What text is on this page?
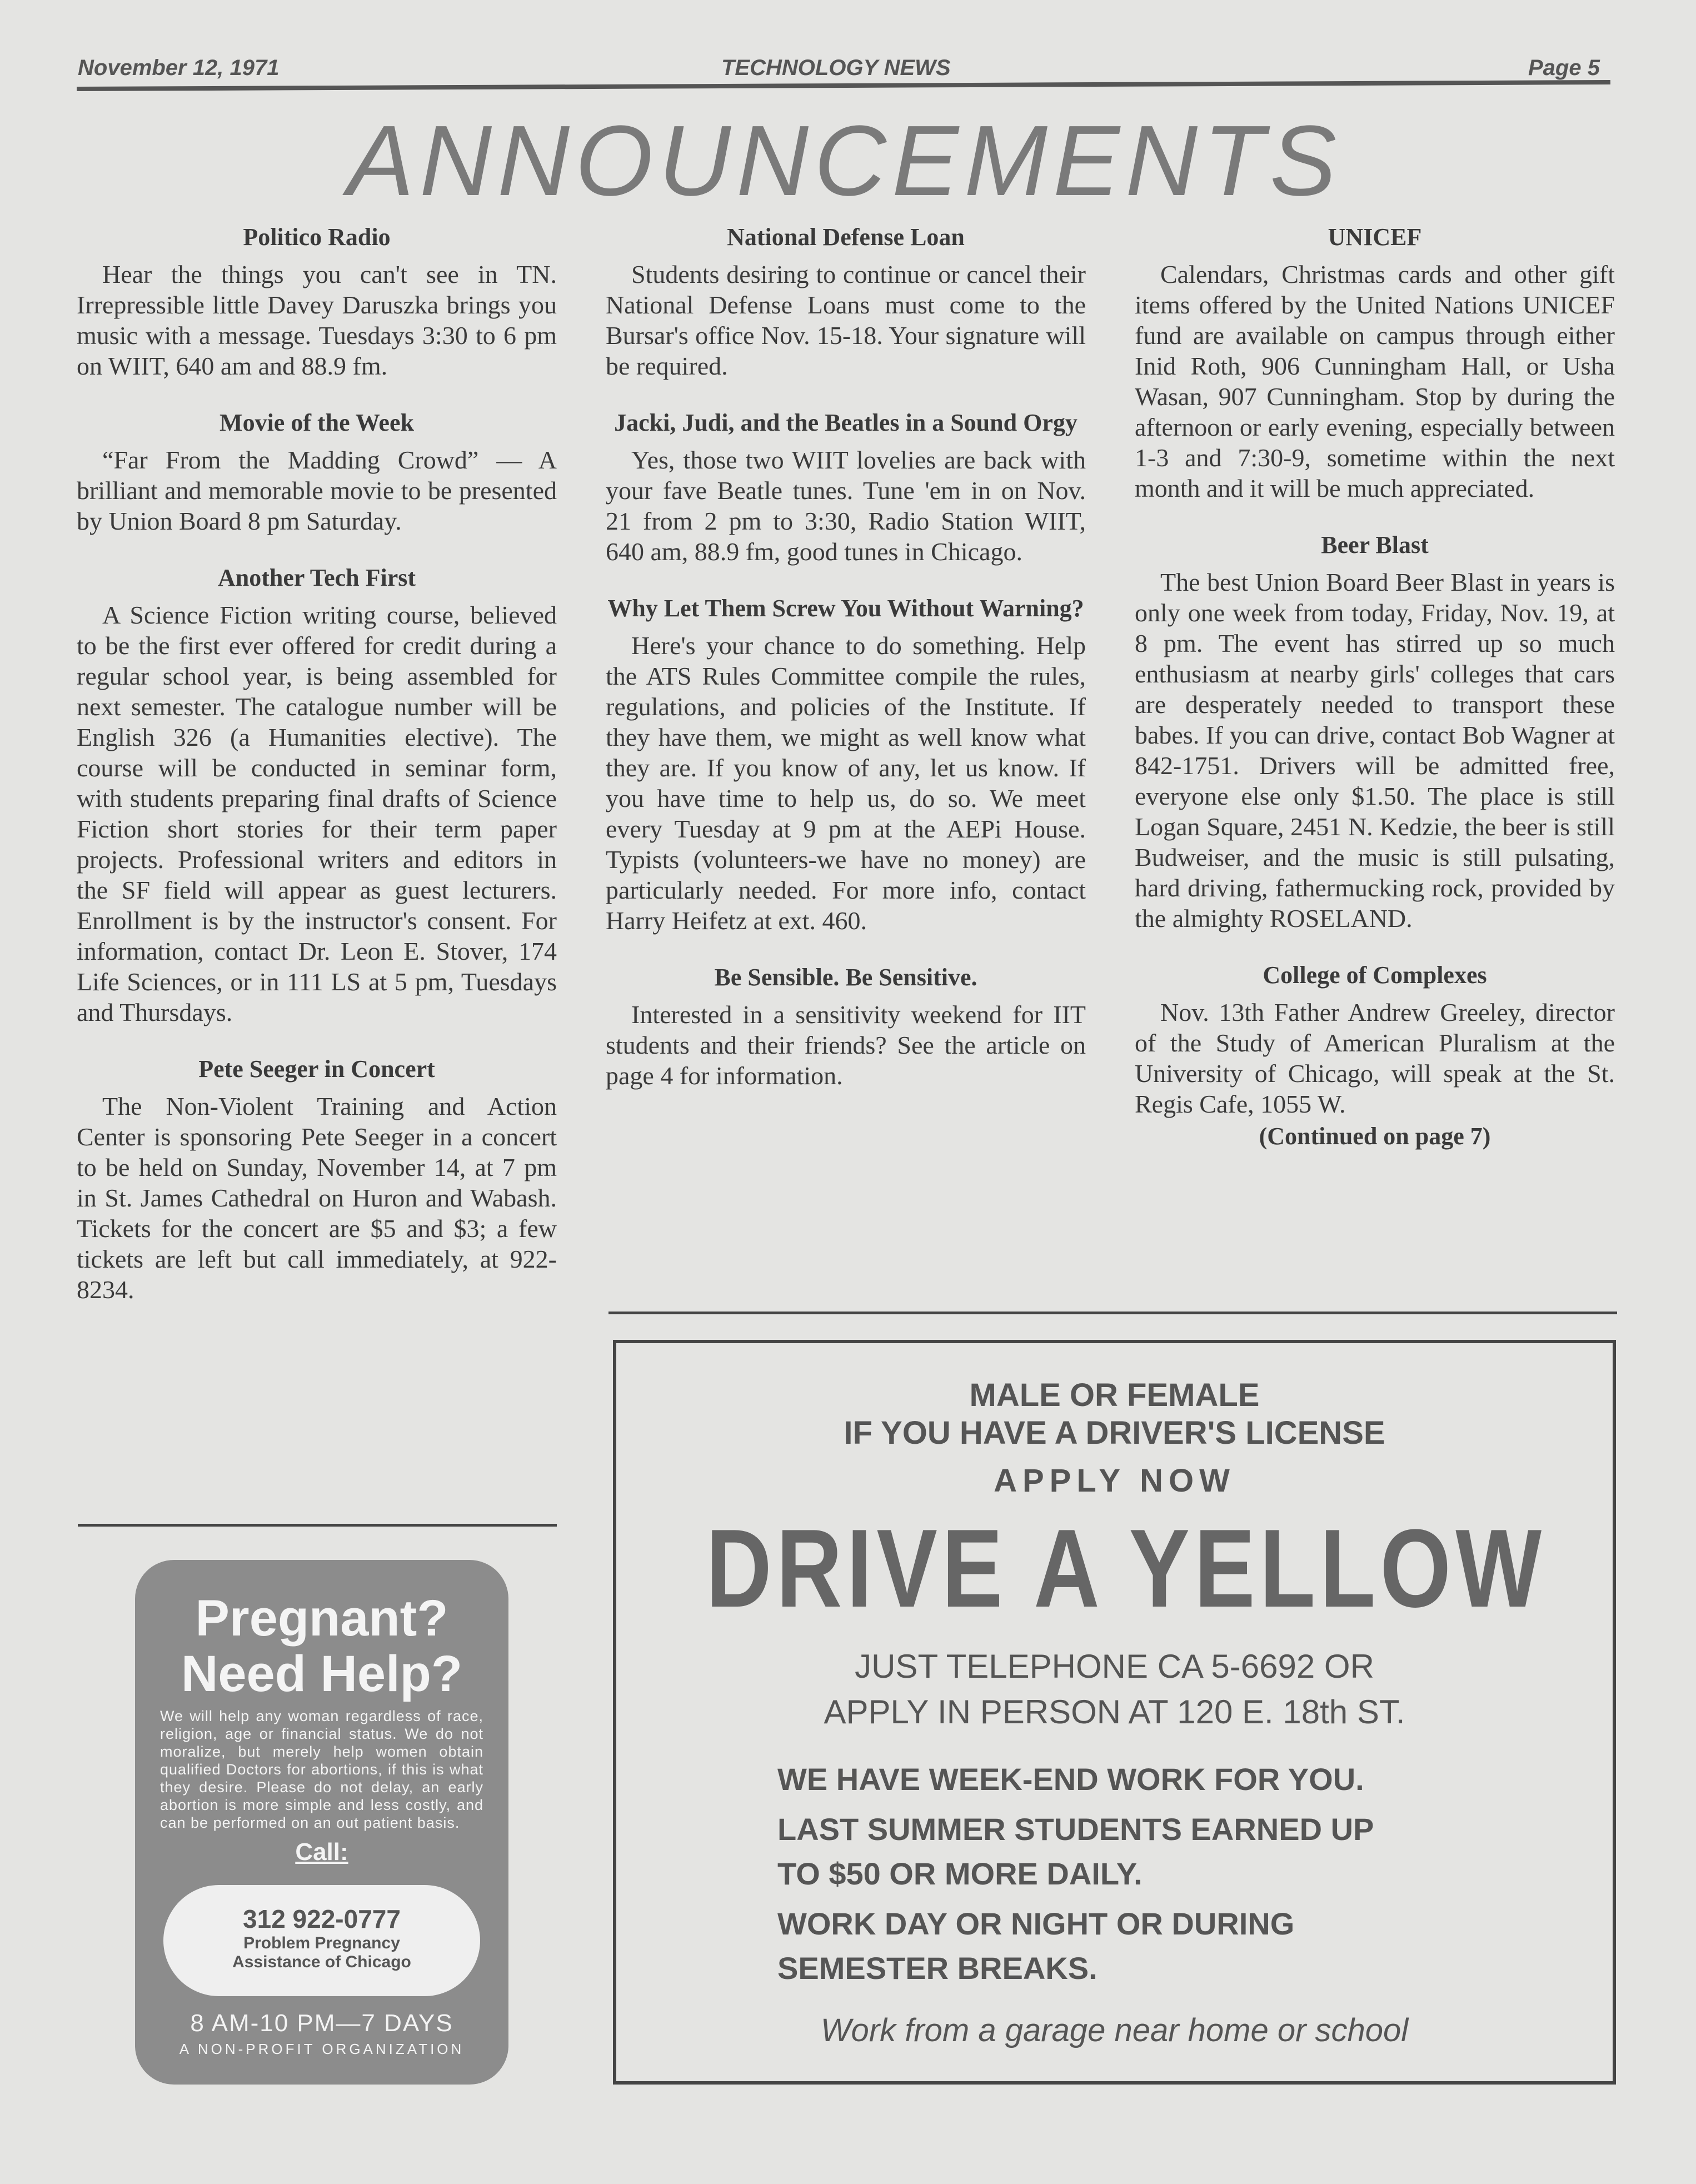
November 12, 1971	TECHNOLOGY NEWS	Page 5
ANNOUNCEMENTS
Politico Radio

Hear the things you can't see in TN. Irrepressible little Davey Daruszka brings you music with a message. Tuesdays 3:30 to 6 pm on WIIT, 640 am and 88.9 fm.

Movie of the Week

“Far From the Madding Crowd” — A brilliant and memorable movie to be presented by Union Board 8 pm Saturday.

Another Tech First

A Science Fiction writing course, believed to be the first ever offered for credit during a regular school year, is being assembled for next semester. The catalogue number will be English 326 (a Humanities elective). The course will be conducted in seminar form, with students preparing final drafts of Science Fiction short stories for their term paper projects. Professional writers and editors in the SF field will appear as guest lecturers. Enrollment is by the instructor's consent. For information, contact Dr. Leon E. Stover, 174 Life Sciences, or in 111 LS at 5 pm, Tuesdays and Thursdays.

Pete Seeger in Concert

The Non-Violent Training and Action Center is sponsoring Pete Seeger in a concert to be held on Sunday, November 14, at 7 pm in St. James Cathedral on Huron and Wabash. Tickets for the concert are $5 and $3; a few tickets are left but call immediately, at 922-8234.

National Defense Loan

Students desiring to continue or cancel their National Defense Loans must come to the Bursar's office Nov. 15-18. Your signature will be required.

Jacki, Judi, and the Beatles in a Sound Orgy

Yes, those two WIIT lovelies are back with your fave Beatle tunes. Tune 'em in on Nov. 21 from 2 pm to 3:30, Radio Station WIIT, 640 am, 88.9 fm, good tunes in Chicago.

Why Let Them Screw You Without Warning?

Here's your chance to do something. Help the ATS Rules Committee compile the rules, regulations, and policies of the Institute. If they have them, we might as well know what they are. If you know of any, let us know. If you have time to help us, do so. We meet every Tuesday at 9 pm at the AEPi House. Typists (volunteers-we have no money) are particularly needed. For more info, contact Harry Heifetz at ext. 460.

Be Sensible. Be Sensitive.

Interested in a sensitivity weekend for IIT students and their friends? See the article on page 4 for information.

UNICEF

Calendars, Christmas cards and other gift items offered by the United Nations UNICEF fund are available on campus through either Inid Roth, 906 Cunningham Hall, or Usha Wasan, 907 Cunningham. Stop by during the afternoon or early evening, especially between 1-3 and 7:30-9, sometime within the next month and it will be much appreciated.

Beer Blast

The best Union Board Beer Blast in years is only one week from today, Friday, Nov. 19, at 8 pm. The event has stirred up so much enthusiasm at nearby girls' colleges that cars are desperately needed to transport these babes. If you can drive, contact Bob Wagner at 842-1751. Drivers will be admitted free, everyone else only $1.50. The place is still Logan Square, 2451 N. Kedzie, the beer is still Budweiser, and the music is still pulsating, hard driving, fathermucking rock, provided by the almighty ROSELAND.

College of Complexes

Nov. 13th Father Andrew Greeley, director of the Study of American Pluralism at the University of Chicago, will speak at the St. Regis Cafe, 1055 W.

(Continued on page 7)
Pregnant?
Need Help?
We will help any woman regardless of race, religion, age or financial status. We do not moralize, but merely help women obtain qualified Doctors for abortions, if this is what they desire. Please do not delay, an early abortion is more simple and less costly, and can be performed on an out patient basis.
Call:
312 922-0777
Problem Pregnancy
Assistance of Chicago
8 AM-10 PM—7 DAYS
A NON-PROFIT ORGANIZATION
MALE OR FEMALE
IF YOU HAVE A DRIVER'S LICENSE
APPLY NOW
DRIVE A YELLOW
JUST TELEPHONE CA 5-6692 OR
APPLY IN PERSON AT 120 E. 18th ST.
WE HAVE WEEK-END WORK FOR YOU.
LAST SUMMER STUDENTS EARNED UP
TO $50 OR MORE DAILY.
WORK DAY OR NIGHT OR DURING
SEMESTER BREAKS.
Work from a garage near home or school
